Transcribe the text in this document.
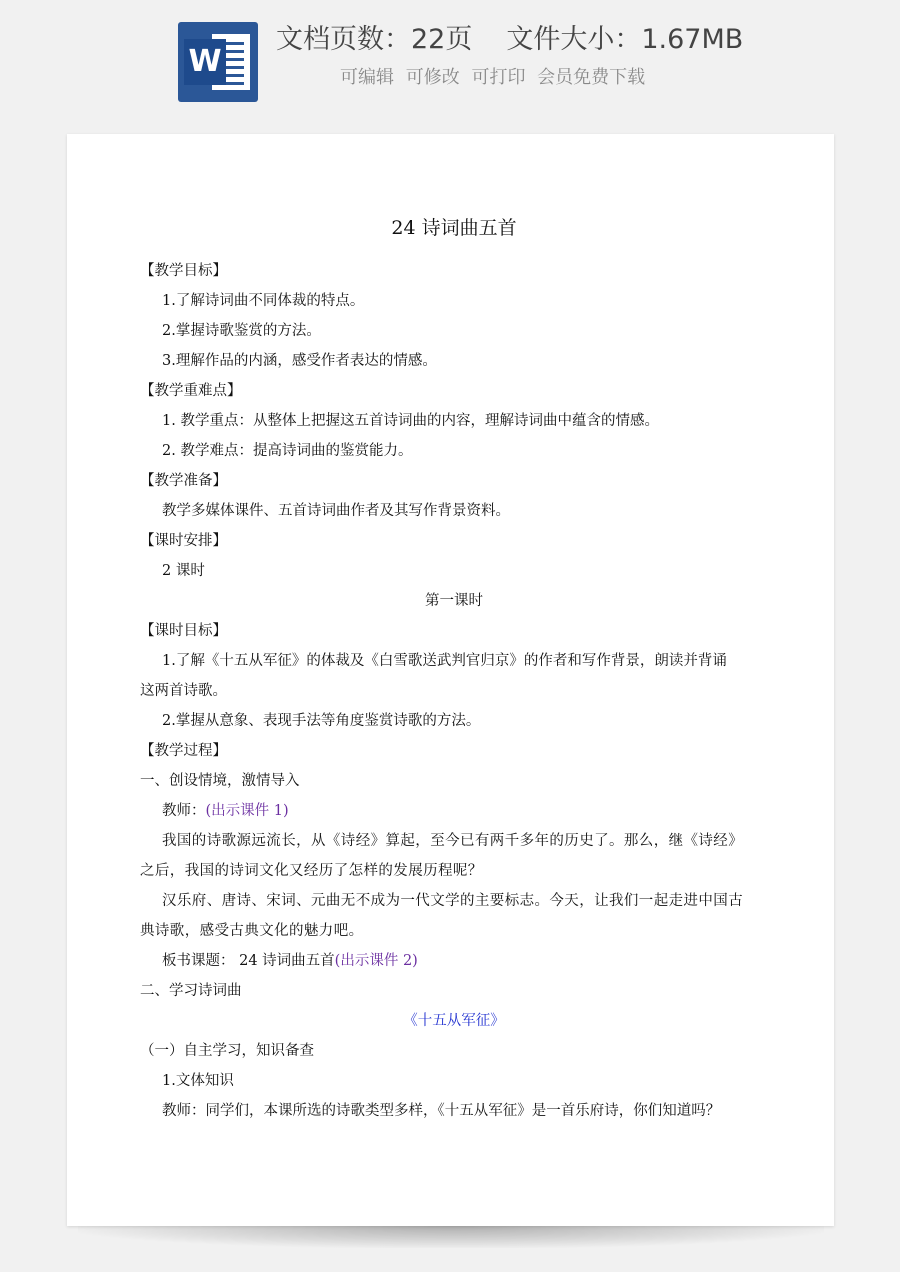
W
文档页数：22页 文件大小：1.67MB
可编辑 可修改 可打印 会员免费下载

24 诗词曲五首

【教学目标】

1.了解诗词曲不同体裁的特点。

2.掌握诗歌鉴赏的方法。

3.理解作品的内涵，感受作者表达的情感。

【教学重难点】

1. 教学重点：从整体上把握这五首诗词曲的内容，理解诗词曲中蕴含的情感。

2. 教学难点：提高诗词曲的鉴赏能力。

【教学准备】

教学多媒体课件、五首诗词曲作者及其写作背景资料。

【课时安排】

2 课时

第一课时

【课时目标】

1.了解《十五从军征》的体裁及《白雪歌送武判官归京》的作者和写作背景，朗读并背诵

这两首诗歌。

2.掌握从意象、表现手法等角度鉴赏诗歌的方法。

【教学过程】

一、创设情境，激情导入

教师：(出示课件 1)

我国的诗歌源远流长，从《诗经》算起，至今已有两千多年的历史了。那么，继《诗经》

之后，我国的诗词文化又经历了怎样的发展历程呢？

汉乐府、唐诗、宋词、元曲无不成为一代文学的主要标志。今天，让我们一起走进中国古

典诗歌，感受古典文化的魅力吧。

板书课题： 24 诗词曲五首(出示课件 2)

二、学习诗词曲

《十五从军征》

（一）自主学习，知识备查

1.文体知识

教师：同学们，本课所选的诗歌类型多样，《十五从军征》是一首乐府诗，你们知道吗？
